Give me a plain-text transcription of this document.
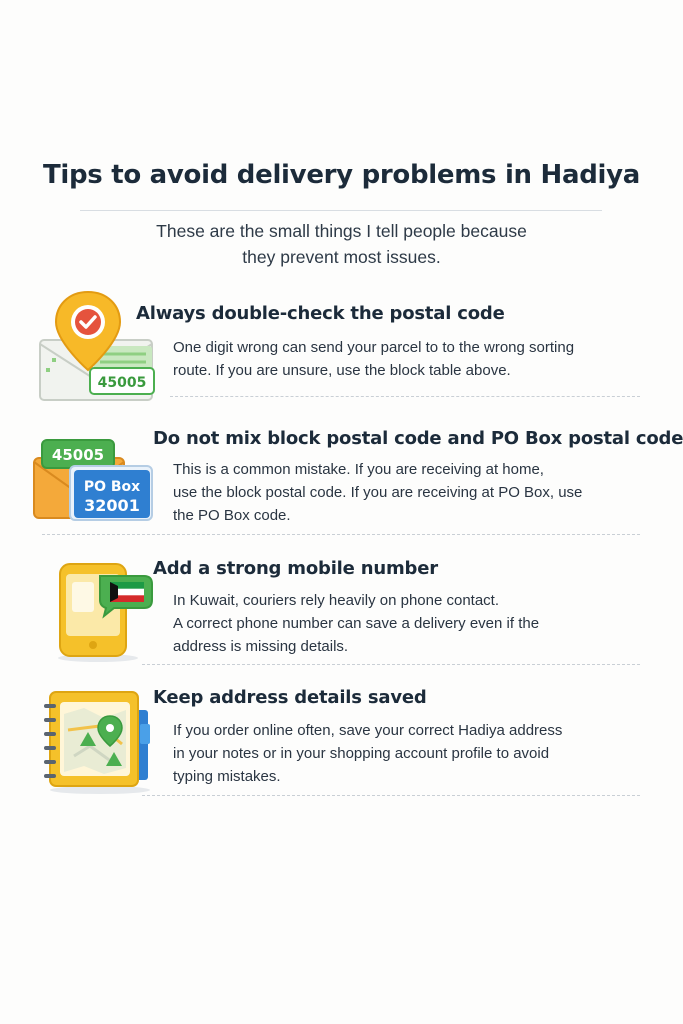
Tips to avoid delivery problems in Hadiya

These are the small things I tell people because
they prevent most issues.

45005
Always double-check the postal code
One digit wrong can send your parcel to to the wrong sorting
route. If you are unsure, use the block table above.
45005
PO Box
32001
Do not mix block postal code and PO Box postal code
This is a common mistake. If you are receiving at home,
use the block postal code. If you are receiving at PO Box, use
the PO Box code.
Add a strong mobile number
In Kuwait, couriers rely heavily on phone contact.
A correct phone number can save a delivery even if the
address is missing details.
Keep address details saved
If you order online often, save your correct Hadiya address
in your notes or in your shopping account profile to avoid
typing mistakes.
